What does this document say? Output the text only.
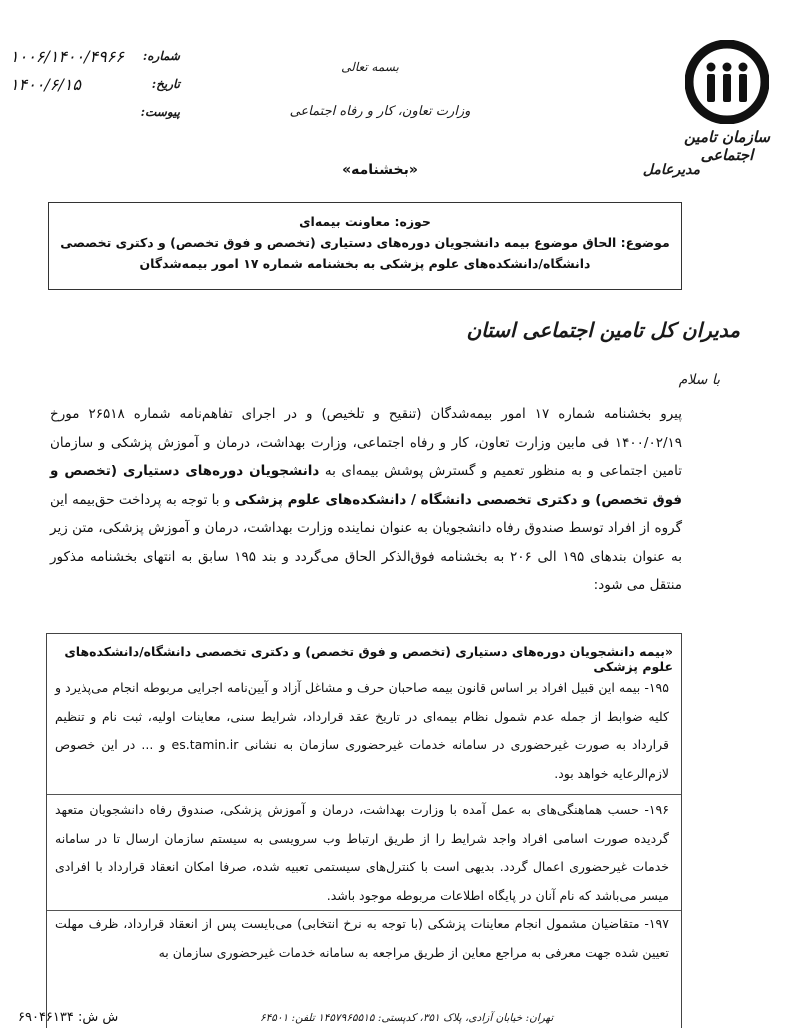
سازمان تامین اجتماعی
بسمه تعالی
وزارت تعاون، کار و رفاه اجتماعی
«بخشنامه»	مدیرعامل
شماره:
۱۰۰۶/۱۴۰۰/۴۹۶۶
تاریخ:
۱۴۰۰/۶/۱۵
پیوست:
حوزه: معاونت بیمه‌ای
موضوع: الحاق موضوع بیمه دانشجویان دوره‌های دستیاری (تخصص و فوق تخصص) و دکتری تخصصی
دانشگاه/دانشکده‌های علوم پزشکی به بخشنامه شماره ۱۷ امور بیمه‌شدگان
مدیران کل تامین اجتماعی استان
با سلام
پیرو بخشنامه شماره ۱۷ امور بیمه‌شدگان (تنقیح و تلخیص) و در اجرای تفاهم‌نامه شماره ۲۶۵۱۸ مورخ ۱۴۰۰/۰۲/۱۹ فی مابین وزارت تعاون، کار و رفاه اجتماعی، وزارت بهداشت، درمان و آموزش پزشکی و سازمان تامین اجتماعی و به منظور تعمیم و گسترش پوشش بیمه‌ای به دانشجویان دوره‌های دستیاری (تخصص و فوق تخصص) و دکتری تخصصی دانشگاه / دانشکده‌های علوم پزشکی و با توجه به پرداخت حق‌بیمه این گروه از افراد توسط صندوق رفاه دانشجویان به عنوان نماینده وزارت بهداشت، درمان و آموزش پزشکی، متن زیر به عنوان بندهای ۱۹۵ الی ۲۰۶ به بخشنامه فوق‌الذکر الحاق می‌گردد و بند ۱۹۵ سابق به انتهای بخشنامه مذکور منتقل می شود:
«بیمه دانشجویان دوره‌های دستیاری (تخصص و فوق تخصص) و دکتری تخصصی دانشگاه/دانشکده‌های علوم پزشکی
۱۹۵- بیمه این قبیل افراد بر اساس قانون بیمه صاحبان حرف و مشاغل آزاد و آیین‌نامه اجرایی مربوطه انجام می‌پذیرد و کلیه ضوابط از جمله عدم شمول نظام بیمه‌ای در تاریخ عقد قرارداد، شرایط سنی، معاینات اولیه، ثبت نام و تنظیم قرارداد به صورت غیرحضوری در سامانه خدمات غیرحضوری سازمان به نشانی es.tamin.ir و ... در این خصوص لازم‌الرعایه خواهد بود.
۱۹۶- حسب هماهنگی‌های به عمل آمده با وزارت بهداشت، درمان و آموزش پزشکی، صندوق رفاه دانشجویان متعهد گردیده صورت اسامی افراد واجد شرایط را از طریق ارتباط وب سرویسی به سیستم سازمان ارسال تا در سامانه خدمات غیرحضوری اعمال گردد. بدیهی است با کنترل‌های سیستمی تعبیه شده، صرفا امکان انعقاد قرارداد با افرادی میسر می‌باشد که نام آنان در پایگاه اطلاعات مربوطه موجود باشد.
۱۹۷- متقاضیان مشمول انجام معاینات پزشکی (با توجه به نرخ انتخابی) می‌بایست پس از انعقاد قرارداد، ظرف مهلت تعیین شده جهت معرفی به مراجع معاین از طریق مراجعه به سامانه خدمات غیرحضوری سازمان به
تهران: خیابان آزادی، پلاک ۳۵۱، کدپستی: ۱۴۵۷۹۶۵۵۱۵ تلفن: ۶۴۵۰۱
ش ش: ۶۹۰۴۶۱۳۴
